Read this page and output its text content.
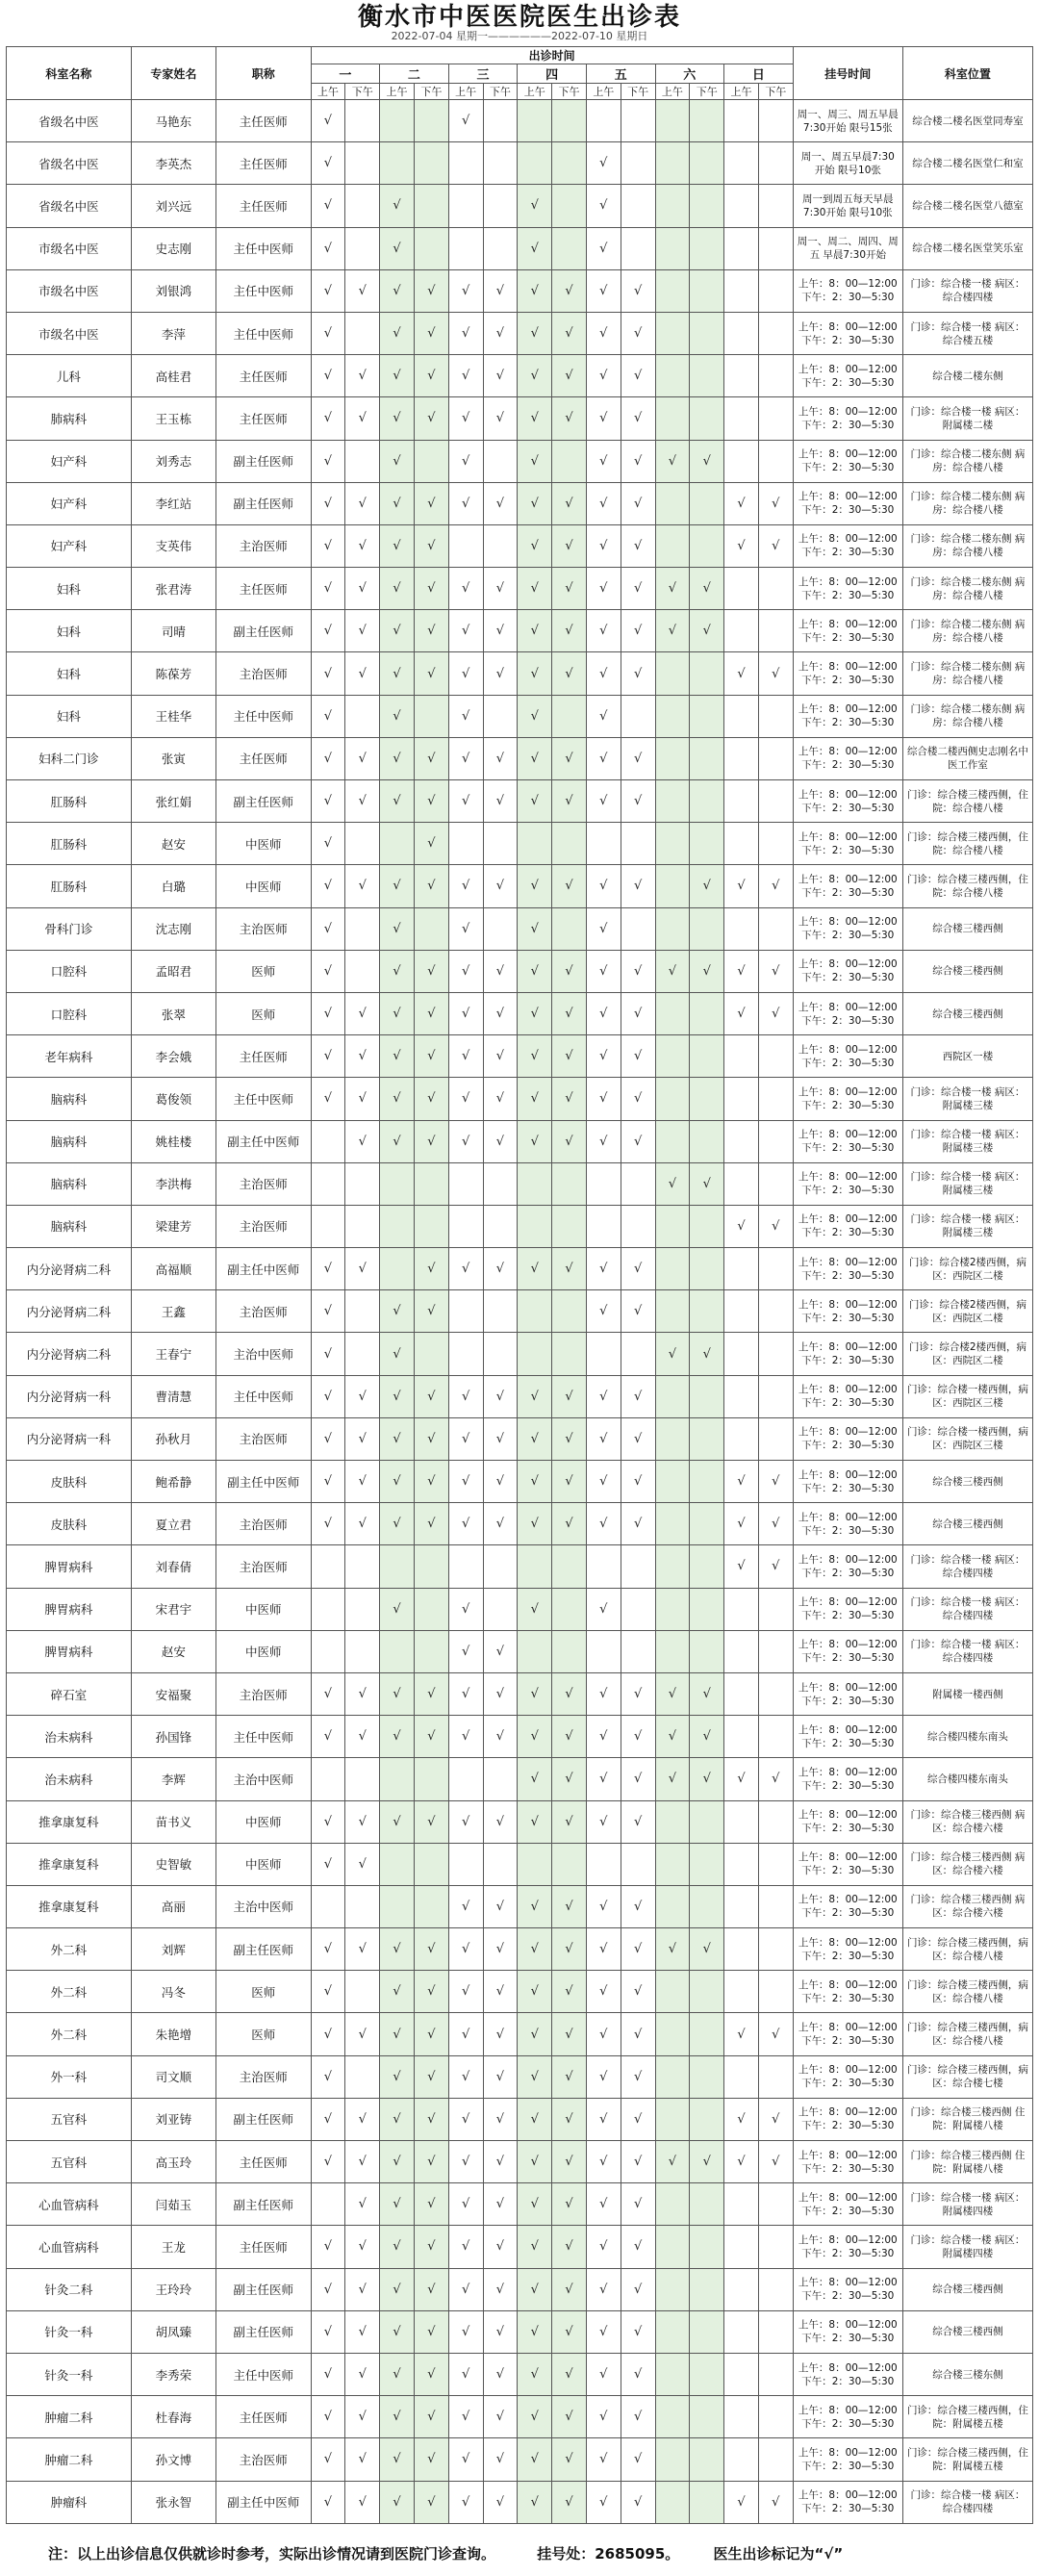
衡水市中医医院医生出诊表
2022-07-04 星期一——————2022-07-10 星期日
科室名称	专家姓名	职称	出诊时间														挂号时间	科室位置
			一		二		三		四		五		六		日			
			上午	下午	上午	下午	上午	下午	上午	下午	上午	下午	上午	下午	上午	下午		
省级名中医	马艳东	主任医师	√				√										周一、周三、周五早晨7:30开始 限号15张	综合楼二楼名医堂同寿室
省级名中医	李英杰	主任医师	√								√						周一、周五早晨7:30开始 限号10张	综合楼二楼名医堂仁和室
省级名中医	刘兴远	主任医师	√		√				√		√						周一到周五每天早晨7:30开始 限号10张	综合楼二楼名医堂八德室
市级名中医	史志刚	主任中医师	√		√				√		√						周一、周二、周四、周五 早晨7:30开始	综合楼二楼名医堂笑乐室
市级名中医	刘银鸿	主任中医师	√	√	√	√	√	√	√	√	√	√					上午：8：00—12:00 下午：2：30—5:30	门诊：综合楼一楼 病区：综合楼四楼
市级名中医	李萍	主任中医师	√		√	√	√	√	√	√	√	√					上午：8：00—12:00 下午：2：30—5:30	门诊：综合楼一楼 病区：综合楼五楼
儿科	高桂君	主任医师	√	√	√	√	√	√	√	√	√	√					上午：8：00—12:00 下午：2：30—5:30	综合楼二楼东侧
肺病科	王玉栋	主任医师	√	√	√	√	√	√	√	√	√	√					上午：8：00—12:00 下午：2：30—5:30	门诊：综合楼一楼 病区：附属楼二楼
妇产科	刘秀志	副主任医师	√		√		√		√		√	√	√	√			上午：8：00—12:00 下午：2：30—5:30	门诊：综合楼二楼东侧 病房：综合楼八楼
妇产科	李红站	副主任医师	√	√	√	√	√	√	√	√	√	√			√	√	上午：8：00—12:00 下午：2：30—5:30	门诊：综合楼二楼东侧 病房：综合楼八楼
妇产科	支英伟	主治医师	√	√	√	√			√	√	√	√			√	√	上午：8：00—12:00 下午：2：30—5:30	门诊：综合楼二楼东侧 病房：综合楼八楼
妇科	张君涛	主任医师	√	√	√	√	√	√	√	√	√	√	√	√			上午：8：00—12:00 下午：2：30—5:30	门诊：综合楼二楼东侧 病房：综合楼八楼
妇科	司晴	副主任医师	√	√	√	√	√	√	√	√	√	√	√	√			上午：8：00—12:00 下午：2：30—5:30	门诊：综合楼二楼东侧 病房：综合楼八楼
妇科	陈葆芳	主治医师	√	√	√	√	√	√	√	√	√	√			√	√	上午：8：00—12:00 下午：2：30—5:30	门诊：综合楼二楼东侧 病房：综合楼八楼
妇科	王桂华	主任中医师	√		√		√		√		√						上午：8：00—12:00 下午：2：30—5:30	门诊：综合楼二楼东侧 病房：综合楼八楼
妇科二门诊	张寅	主任医师	√	√	√	√	√	√	√	√	√	√					上午：8：00—12:00 下午：2：30—5:30	综合楼二楼西侧史志刚名中医工作室
肛肠科	张红娟	副主任医师	√	√	√	√	√	√	√	√	√	√					上午：8：00—12:00 下午：2：30—5:30	门诊：综合楼三楼西侧，住院：综合楼八楼
肛肠科	赵安	中医师	√			√											上午：8：00—12:00 下午：2：30—5:30	门诊：综合楼三楼西侧，住院：综合楼八楼
肛肠科	白璐	中医师	√	√	√	√	√	√	√	√	√	√		√	√	√	上午：8：00—12:00 下午：2：30—5:30	门诊：综合楼三楼西侧，住院：综合楼八楼
骨科门诊	沈志刚	主治医师	√		√		√		√		√						上午：8：00—12:00 下午：2：30—5:30	综合楼三楼西侧
口腔科	孟昭君	医师	√		√	√	√	√	√	√	√	√	√	√	√	√	上午：8：00—12:00 下午：2：30—5:30	综合楼三楼西侧
口腔科	张翠	医师	√	√	√	√	√	√	√	√	√	√			√	√	上午：8：00—12:00 下午：2：30—5:30	综合楼三楼西侧
老年病科	李会娥	主任医师	√	√	√	√	√	√	√	√	√	√					上午：8：00—12:00 下午：2：30—5:30	西院区一楼
脑病科	葛俊领	主任中医师	√	√	√	√	√	√	√	√	√	√					上午：8：00—12:00 下午：2：30—5:30	门诊：综合楼一楼 病区：附属楼三楼
脑病科	姚桂楼	副主任中医师		√	√	√	√	√	√	√	√	√					上午：8：00—12:00 下午：2：30—5:30	门诊：综合楼一楼 病区：附属楼三楼
脑病科	李洪梅	主治医师											√	√			上午：8：00—12:00 下午：2：30—5:30	门诊：综合楼一楼 病区：附属楼三楼
脑病科	梁建芳	主治医师													√	√	上午：8：00—12:00 下午：2：30—5:30	门诊：综合楼一楼 病区：附属楼三楼
内分泌肾病二科	高福顺	副主任中医师	√	√		√	√	√	√	√	√	√					上午：8：00—12:00 下午：2：30—5:30	门诊：综合楼2楼西侧，病区：西院区二楼
内分泌肾病二科	王鑫	主治医师	√		√	√					√	√					上午：8：00—12:00 下午：2：30—5:30	门诊：综合楼2楼西侧，病区：西院区二楼
内分泌肾病二科	王春宁	主治中医师	√		√								√	√			上午：8：00—12:00 下午：2：30—5:30	门诊：综合楼2楼西侧，病区：西院区二楼
内分泌肾病一科	曹清慧	主任中医师	√	√	√	√	√	√	√	√	√	√					上午：8：00—12:00 下午：2：30—5:30	门诊：综合楼一楼西侧，病区：西院区三楼
内分泌肾病一科	孙秋月	主治医师	√	√	√	√	√	√	√	√	√	√					上午：8：00—12:00 下午：2：30—5:30	门诊：综合楼一楼西侧，病区：西院区三楼
皮肤科	鲍希静	副主任中医师	√	√	√	√	√	√	√	√	√	√			√	√	上午：8：00—12:00 下午：2：30—5:30	综合楼三楼西侧
皮肤科	夏立君	主治医师	√	√	√	√	√	√	√	√	√	√			√	√	上午：8：00—12:00 下午：2：30—5:30	综合楼三楼西侧
脾胃病科	刘春倩	主治医师													√	√	上午：8：00—12:00 下午：2：30—5:30	门诊：综合楼一楼 病区：综合楼四楼
脾胃病科	宋君宇	中医师			√		√		√		√						上午：8：00—12:00 下午：2：30—5:30	门诊：综合楼一楼 病区：综合楼四楼
脾胃病科	赵安	中医师					√	√									上午：8：00—12:00 下午：2：30—5:30	门诊：综合楼一楼 病区：综合楼四楼
碎石室	安福聚	主治医师	√	√	√	√	√	√	√	√	√	√	√	√			上午：8：00—12:00 下午：2：30—5:30	附属楼一楼西侧
治未病科	孙国锋	主任中医师	√	√	√	√	√	√	√	√	√	√	√	√			上午：8：00—12:00 下午：2：30—5:30	综合楼四楼东南头
治未病科	李辉	主治中医师							√	√	√	√	√	√	√	√	上午：8：00—12:00 下午：2：30—5:30	综合楼四楼东南头
推拿康复科	苗书义	中医师	√	√	√	√	√	√	√	√	√	√					上午：8：00—12:00 下午：2：30—5:30	门诊：综合楼三楼西侧 病区：综合楼六楼
推拿康复科	史智敏	中医师	√	√													上午：8：00—12:00 下午：2：30—5:30	门诊：综合楼三楼西侧 病区：综合楼六楼
推拿康复科	高丽	主治中医师					√	√	√	√	√	√					上午：8：00—12:00 下午：2：30—5:30	门诊：综合楼三楼西侧 病区：综合楼六楼
外二科	刘辉	副主任医师	√	√	√	√	√	√	√	√	√	√	√	√			上午：8：00—12:00 下午：2：30—5:30	门诊：综合楼三楼西侧，病区：综合楼八楼
外二科	冯冬	医师	√		√	√	√	√	√	√	√	√					上午：8：00—12:00 下午：2：30—5:30	门诊：综合楼三楼西侧，病区：综合楼八楼
外二科	朱艳增	医师	√	√	√	√	√	√	√	√	√	√			√	√	上午：8：00—12:00 下午：2：30—5:30	门诊：综合楼三楼西侧，病区：综合楼八楼
外一科	司文顺	主治医师	√		√	√	√	√	√	√	√	√					上午：8：00—12:00 下午：2：30—5:30	门诊：综合楼三楼西侧，病区：综合楼七楼
五官科	刘亚铸	副主任医师	√	√	√	√	√	√	√	√	√	√			√	√	上午：8：00—12:00 下午：2：30—5:30	门诊：综合楼三楼西侧 住院：附属楼八楼
五官科	高玉玲	主任医师	√	√	√	√	√	√	√	√	√	√	√	√	√	√	上午：8：00—12:00 下午：2：30—5:30	门诊：综合楼三楼西侧 住院：附属楼八楼
心血管病科	闫茹玉	副主任医师		√	√	√	√	√	√	√	√	√					上午：8：00—12:00 下午：2：30—5:30	门诊：综合楼一楼 病区：附属楼四楼
心血管病科	王龙	主任医师	√	√	√	√	√	√	√	√	√	√					上午：8：00—12:00 下午：2：30—5:30	门诊：综合楼一楼 病区：附属楼四楼
针灸二科	王玲玲	副主任医师	√	√	√	√	√	√	√	√	√	√					上午：8：00—12:00 下午：2：30—5:30	综合楼三楼西侧
针灸一科	胡凤臻	副主任医师	√	√	√	√	√	√	√	√	√	√					上午：8：00—12:00 下午：2：30—5:30	综合楼三楼西侧
针灸一科	李秀荣	主任中医师	√	√	√	√	√	√	√	√	√	√					上午：8：00—12:00 下午：2：30—5:30	综合楼三楼东侧
肿瘤二科	杜春海	主任医师	√	√	√	√	√	√	√	√	√	√					上午：8：00—12:00 下午：2：30—5:30	门诊：综合楼三楼西侧，住院：附属楼五楼
肿瘤二科	孙文博	主治医师	√	√	√	√	√	√	√	√	√	√					上午：8：00—12:00 下午：2：30—5:30	门诊：综合楼三楼西侧，住院：附属楼五楼
肿瘤科	张永智	副主任中医师	√	√	√	√	√	√	√	√	√	√			√	√	上午：8：00—12:00 下午：2：30—5:30	门诊：综合楼一楼 病区：综合楼四楼
注：以上出诊信息仅供就诊时参考，实际出诊情况请到医院门诊查询。	挂号处：2685095。 医生出诊标记为“√”
